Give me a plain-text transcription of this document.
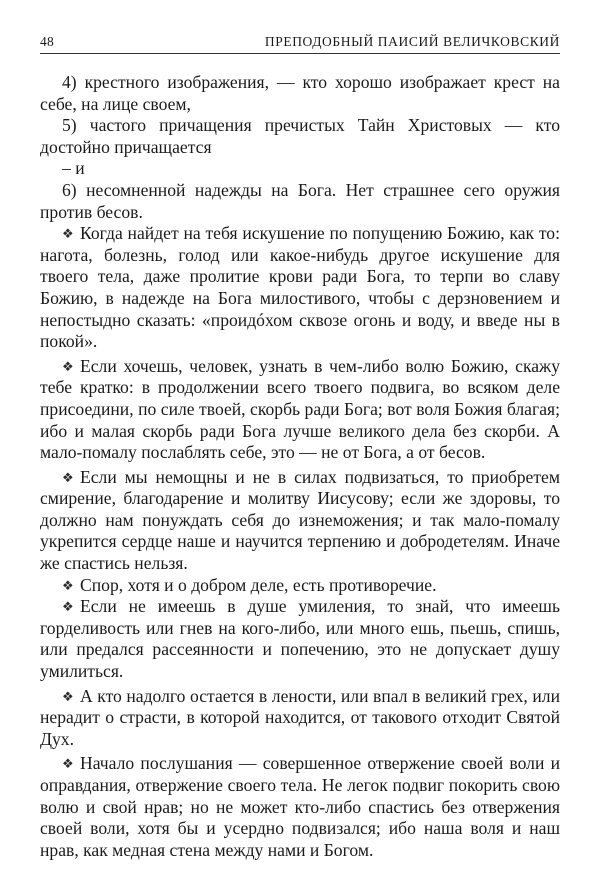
48	ПРЕПОДОБНЫЙ ПАИСИЙ ВЕЛИЧКОВСКИЙ

4) крестного изображения, — кто хорошо изображает крест на себе, на лице своем,

5) частого причащения пречистых Тайн Христовых — кто достойно причащается

– и

6) несомненной надежды на Бога. Нет страшнее сего оружия против бесов.

❖ Когда найдет на тебя искушение по попущению Божию, как то: нагота, болезнь, голод или какое-нибудь другое искушение для твоего тела, даже пролитие крови ради Бога, то терпи во славу Божию, в надежде на Бога милостивого, чтобы с дерзновением и непостыдно сказать: «проидóхом сквозе огонь и воду, и введе ны в покой».

❖ Если хочешь, человек, узнать в чем-либо волю Божию, скажу тебе кратко: в продолжении всего твоего подвига, во всяком деле присоедини, по силе твоей, скорбь ради Бога; вот воля Божия благая; ибо и малая скорбь ради Бога лучше великого дела без скорби. А мало-помалу послаблять себе, это — не от Бога, а от бесов.

❖ Если мы немощны и не в силах подвизаться, то приобретем смирение, благодарение и молитву Иисусову; если же здоровы, то должно нам понуждать себя до изнеможения; и так мало-помалу укрепится сердце наше и научится терпению и добродетелям. Иначе же спастись нельзя.

❖ Спор, хотя и о добром деле, есть противоречие.

❖ Если не имеешь в душе умиления, то знай, что имеешь горделивость или гнев на кого-либо, или много ешь, пьешь, спишь, или предался рассеянности и попечению, это не допускает душу умилиться.

❖ А кто надолго остается в лености, или впал в великий грех, или нерадит о страсти, в которой находится, от такового отходит Святой Дух.

❖ Начало послушания — совершенное отвержение своей воли и оправдания, отвержение своего тела. Не легок подвиг покорить свою волю и свой нрав; но не может кто-либо спастись без отвержения своей воли, хотя бы и усердно подвизался; ибо наша воля и наш нрав, как медная стена между нами и Богом.
